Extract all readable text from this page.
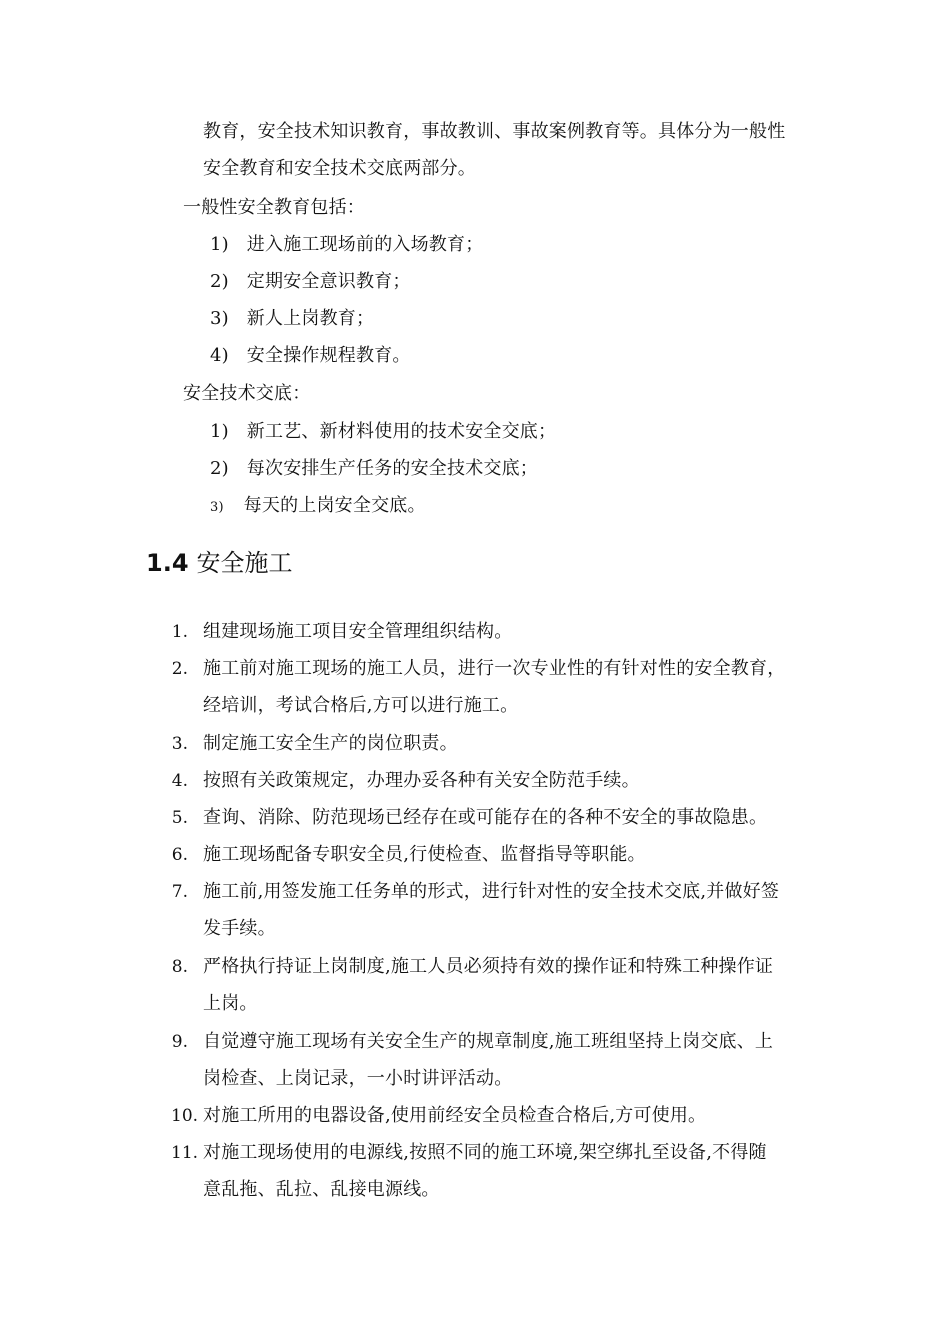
教育，安全技术知识教育，事故教训、事故案例教育等。具体分为一般性
安全教育和安全技术交底两部分。
一般性安全教育包括：
1) 进入施工现场前的入场教育；
2) 定期安全意识教育；
3) 新人上岗教育；
4) 安全操作规程教育。
安全技术交底：
1) 新工艺、新材料使用的技术安全交底；
2) 每次安排生产任务的安全技术交底；
3) 每天的上岗安全交底。
1.4 安全施工
1. 组建现场施工项目安全管理组织结构。
2. 施工前对施工现场的施工人员，进行一次专业性的有针对性的安全教育，
经培训，考试合格后,方可以进行施工。
3. 制定施工安全生产的岗位职责。
4. 按照有关政策规定，办理办妥各种有关安全防范手续。
5. 查询、消除、防范现场已经存在或可能存在的各种不安全的事故隐患。
6. 施工现场配备专职安全员,行使检查、监督指导等职能。
7. 施工前,用签发施工任务单的形式，进行针对性的安全技术交底,并做好签
发手续。
8. 严格执行持证上岗制度,施工人员必须持有效的操作证和特殊工种操作证
上岗。
9. 自觉遵守施工现场有关安全生产的规章制度,施工班组坚持上岗交底、上
岗检查、上岗记录，一小时讲评活动。
10. 对施工所用的电器设备,使用前经安全员检查合格后,方可使用。
11. 对施工现场使用的电源线,按照不同的施工环境,架空绑扎至设备,不得随
意乱拖、乱拉、乱接电源线。
